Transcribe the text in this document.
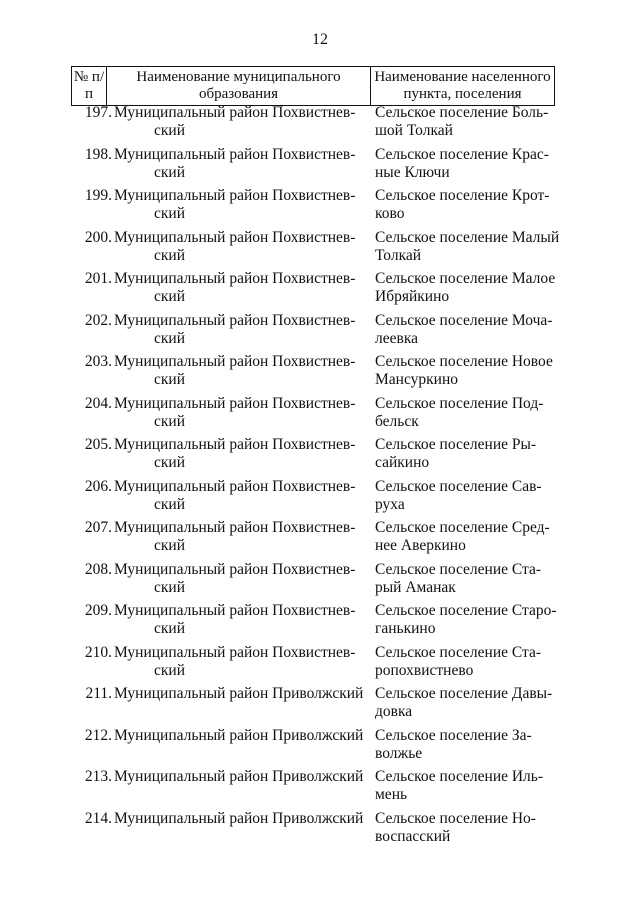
12
№ п/п
Наименование муниципального образования
Наименование населенного пункта, поселения
197. Муниципальный район Похвистнев-
ский
Сельское поселение Боль-
шой Толкай
198. Муниципальный район Похвистнев-
ский
Сельское поселение Крас-
ные Ключи
199. Муниципальный район Похвистнев-
ский
Сельское поселение Крот-
ково
200. Муниципальный район Похвистнев-
ский
Сельское поселение Малый
Толкай
201. Муниципальный район Похвистнев-
ский
Сельское поселение Малое
Ибряйкино
202. Муниципальный район Похвистнев-
ский
Сельское поселение Моча-
леевка
203. Муниципальный район Похвистнев-
ский
Сельское поселение Новое
Мансуркино
204. Муниципальный район Похвистнев-
ский
Сельское поселение Под-
бельск
205. Муниципальный район Похвистнев-
ский
Сельское поселение Ры-
сайкино
206. Муниципальный район Похвистнев-
ский
Сельское поселение Сав-
руха
207. Муниципальный район Похвистнев-
ский
Сельское поселение Сред-
нее Аверкино
208. Муниципальный район Похвистнев-
ский
Сельское поселение Ста-
рый Аманак
209. Муниципальный район Похвистнев-
ский
Сельское поселение Старо-
ганькино
210. Муниципальный район Похвистнев-
ский
Сельское поселение Ста-
ропохвистнево
211. Муниципальный район Приволжский Сельское поселение Давы-
довка
212. Муниципальный район Приволжский Сельское поселение За-
волжье
213. Муниципальный район Приволжский Сельское поселение Иль-
мень
214. Муниципальный район Приволжский Сельское поселение Но-
воспасский
